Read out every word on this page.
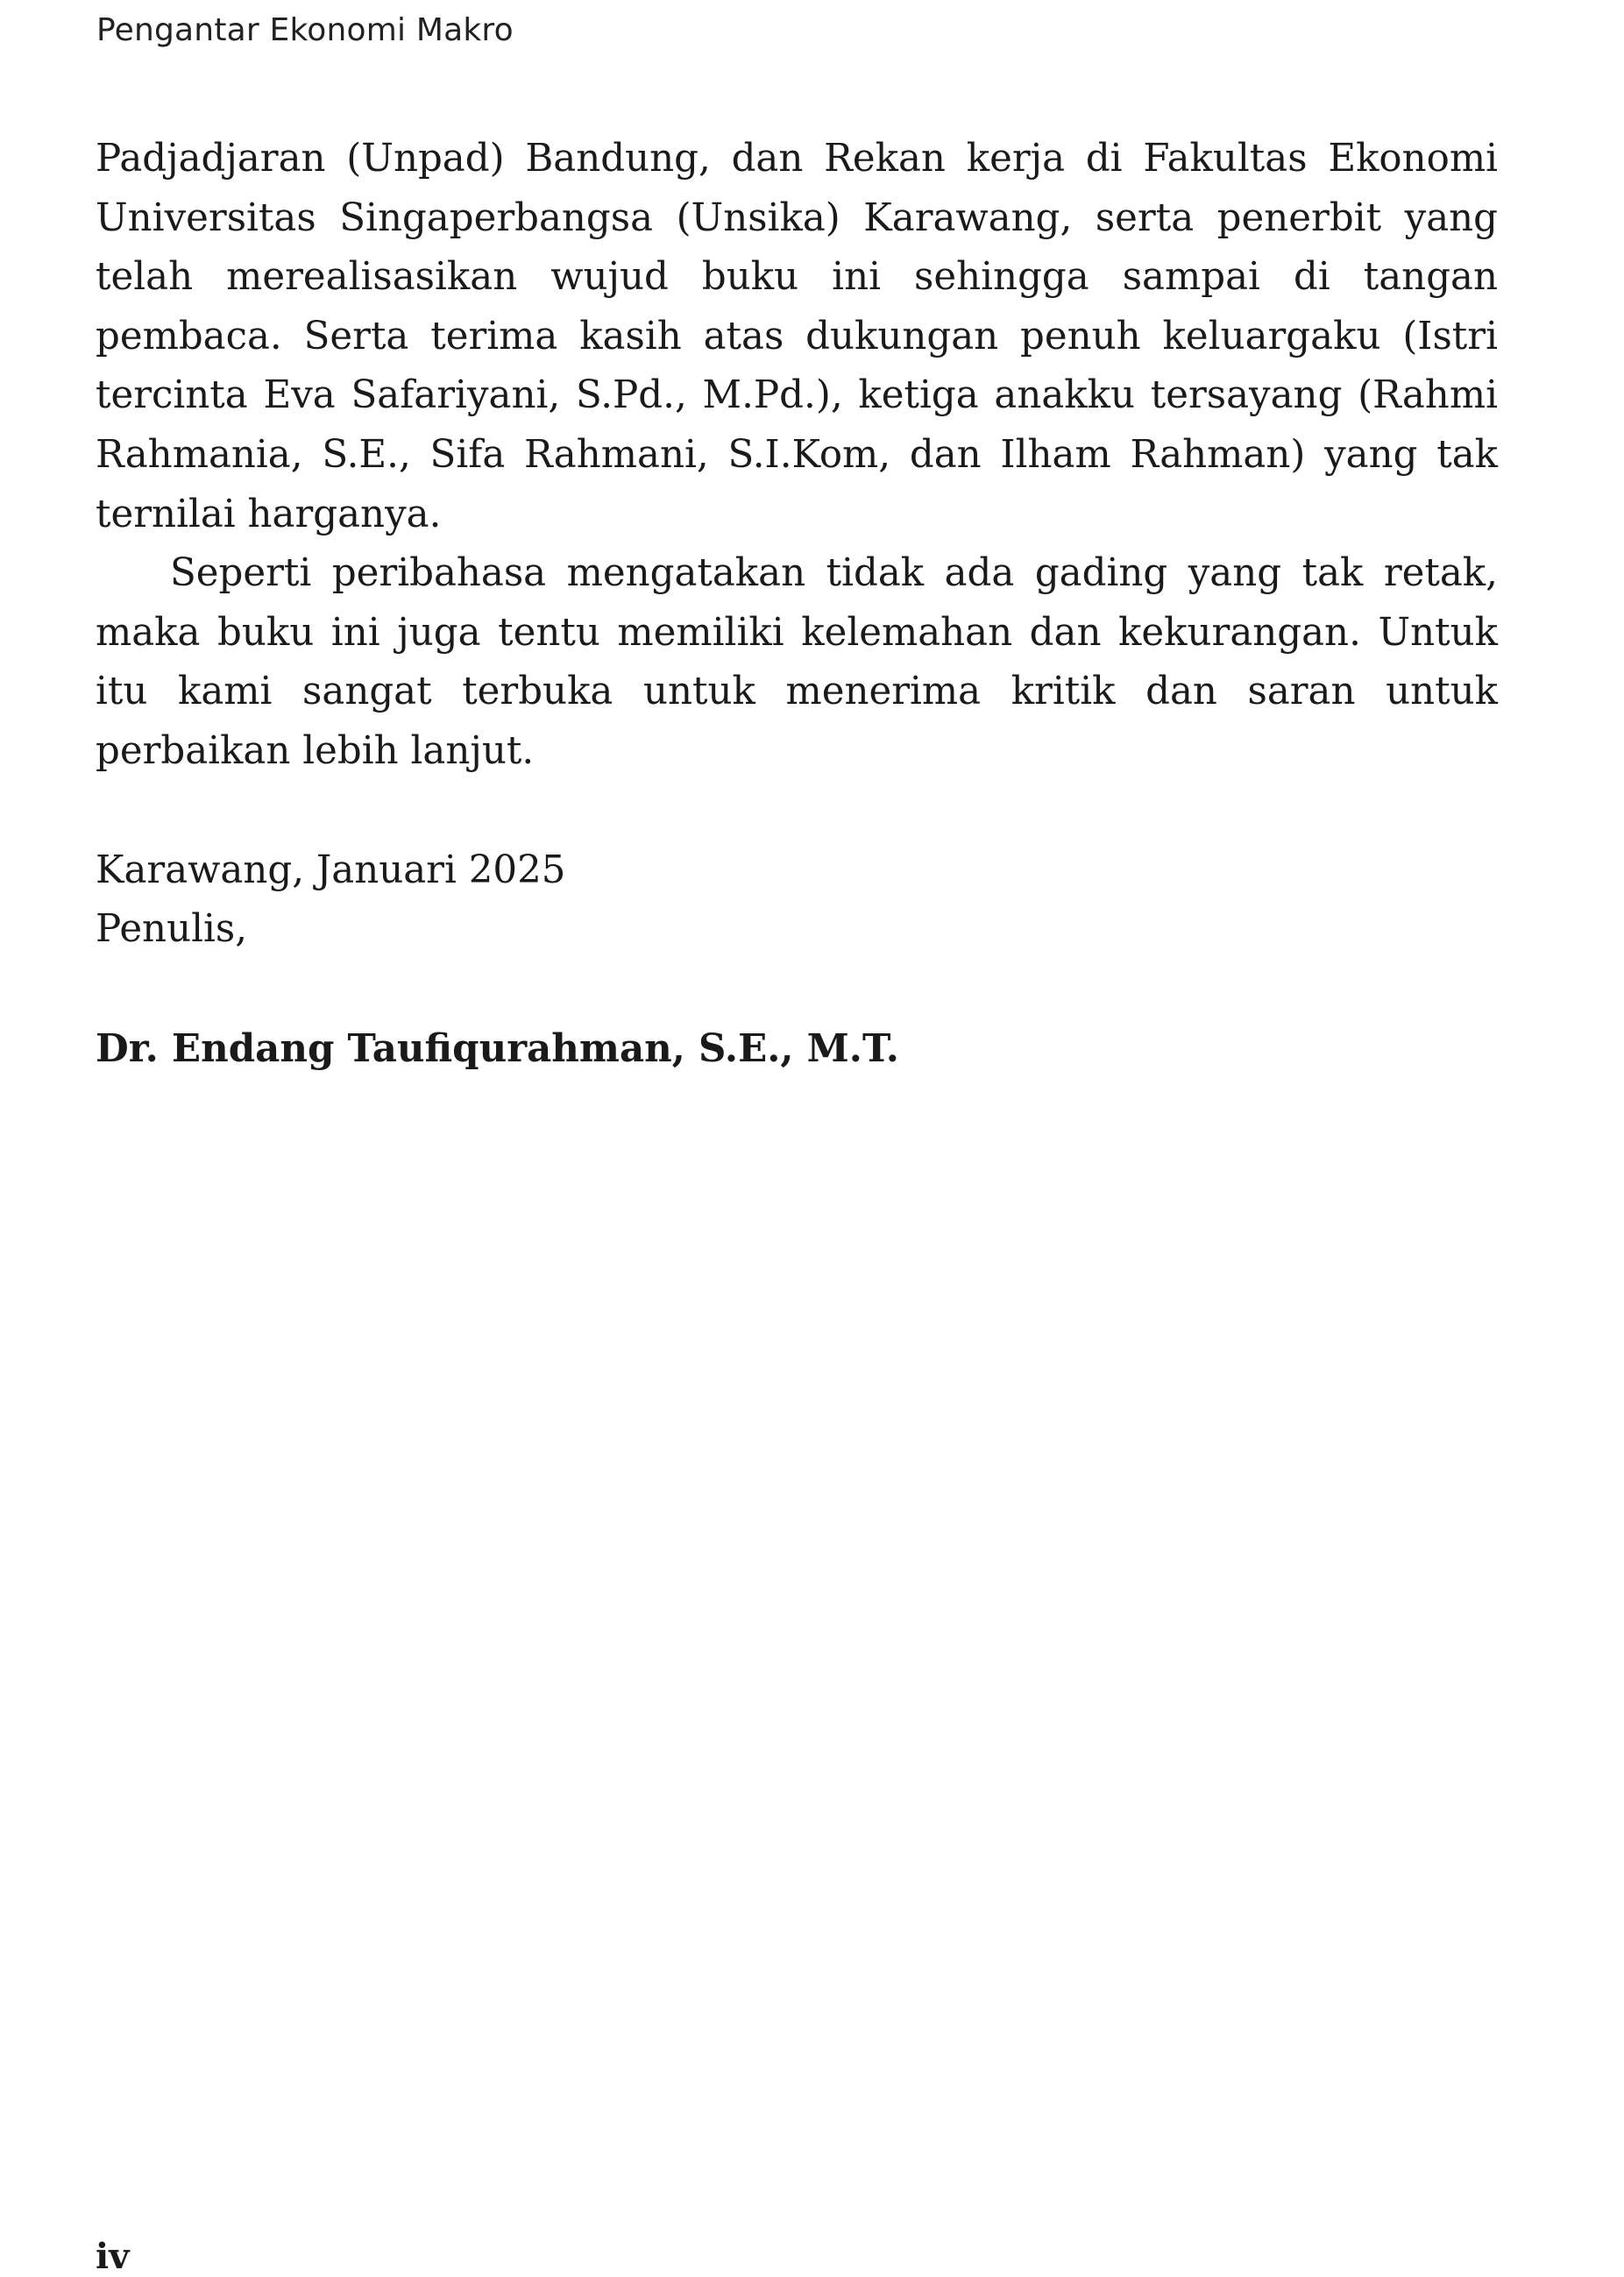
Pengantar Ekonomi Makro

Padjadjaran (Unpad) Bandung, dan Rekan kerja di Fakultas Ekonomi Universitas Singaperbangsa (Unsika) Karawang, serta penerbit yang telah merealisasikan wujud buku ini sehingga sampai di tangan pembaca. Serta terima kasih atas dukungan penuh keluargaku (Istri tercinta Eva Safariyani, S.Pd., M.Pd.), ketiga anakku tersayang (Rahmi Rahmania, S.E., Sifa Rahmani, S.I.Kom, dan Ilham Rahman) yang tak ternilai harganya.

Seperti peribahasa mengatakan tidak ada gading yang tak retak, maka buku ini juga tentu memiliki kelemahan dan kekurangan. Untuk itu kami sangat terbuka untuk menerima kritik dan saran untuk perbaikan lebih lanjut.

Karawang, Januari 2025
Penulis,
Dr. Endang Taufiqurahman, S.E., M.T.
iv
